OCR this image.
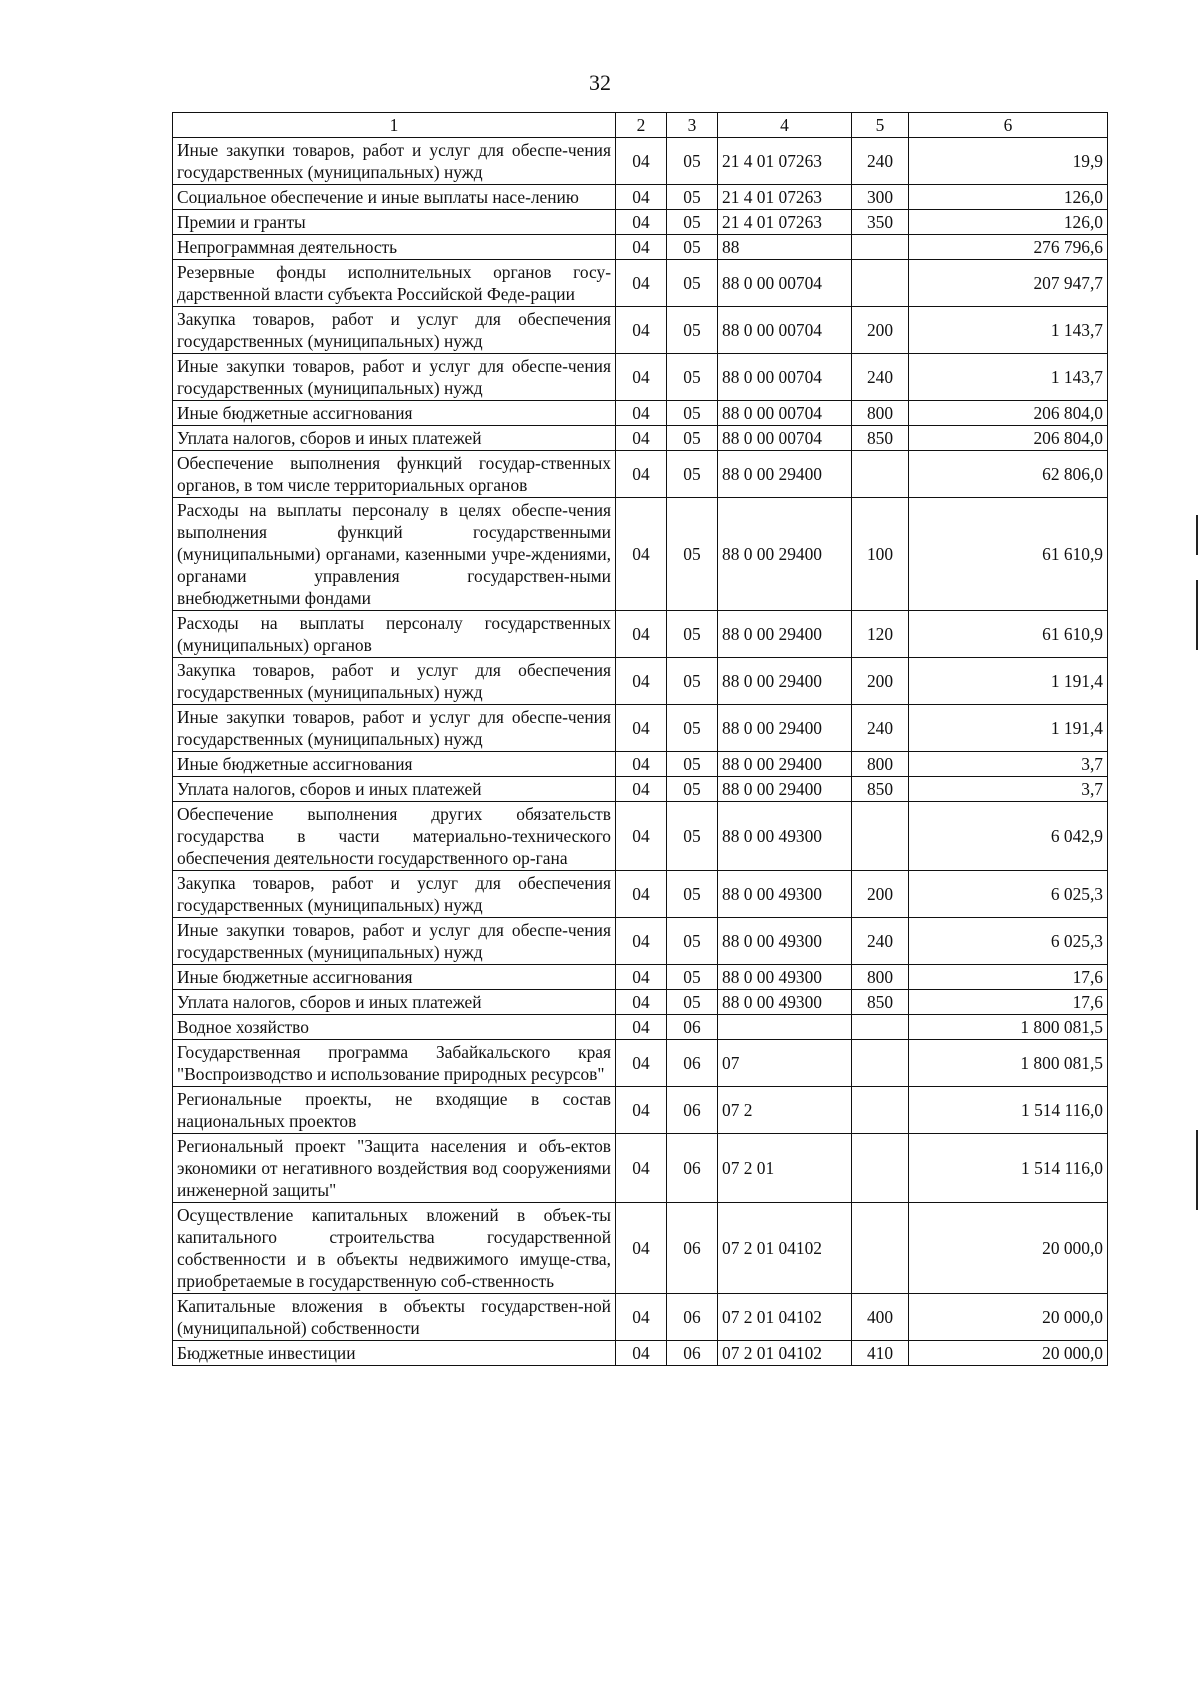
32
1	2	3	4	5	6
Иные закупки товаров, работ и услуг для обеспе-чения государственных (муниципальных) нужд	04	05	21 4 01 07263	240	19,9
Социальное обеспечение и иные выплаты насе-лению	04	05	21 4 01 07263	300	126,0
Премии и гранты	04	05	21 4 01 07263	350	126,0
Непрограммная деятельность	04	05	88		276 796,6
Резервные фонды исполнительных органов госу-дарственной власти субъекта Российской Феде-рации	04	05	88 0 00 00704		207 947,7
Закупка товаров, работ и услуг для обеспечения государственных (муниципальных) нужд	04	05	88 0 00 00704	200	1 143,7
Иные закупки товаров, работ и услуг для обеспе-чения государственных (муниципальных) нужд	04	05	88 0 00 00704	240	1 143,7
Иные бюджетные ассигнования	04	05	88 0 00 00704	800	206 804,0
Уплата налогов, сборов и иных платежей	04	05	88 0 00 00704	850	206 804,0
Обеспечение выполнения функций государ-ственных органов, в том числе территориальных органов	04	05	88 0 00 29400		62 806,0
Расходы на выплаты персоналу в целях обеспе-чения выполнения функций государственными (муниципальными) органами, казенными учре-ждениями, органами управления государствен-ными внебюджетными фондами	04	05	88 0 00 29400	100	61 610,9
Расходы на выплаты персоналу государственных (муниципальных) органов	04	05	88 0 00 29400	120	61 610,9
Закупка товаров, работ и услуг для обеспечения государственных (муниципальных) нужд	04	05	88 0 00 29400	200	1 191,4
Иные закупки товаров, работ и услуг для обеспе-чения государственных (муниципальных) нужд	04	05	88 0 00 29400	240	1 191,4
Иные бюджетные ассигнования	04	05	88 0 00 29400	800	3,7
Уплата налогов, сборов и иных платежей	04	05	88 0 00 29400	850	3,7
Обеспечение выполнения других обязательств государства в части материально-технического обеспечения деятельности государственного ор-гана	04	05	88 0 00 49300		6 042,9
Закупка товаров, работ и услуг для обеспечения государственных (муниципальных) нужд	04	05	88 0 00 49300	200	6 025,3
Иные закупки товаров, работ и услуг для обеспе-чения государственных (муниципальных) нужд	04	05	88 0 00 49300	240	6 025,3
Иные бюджетные ассигнования	04	05	88 0 00 49300	800	17,6
Уплата налогов, сборов и иных платежей	04	05	88 0 00 49300	850	17,6
Водное хозяйство	04	06			1 800 081,5
Государственная программа Забайкальского края "Воспроизводство и использование природных ресурсов"	04	06	07		1 800 081,5
Региональные проекты, не входящие в состав национальных проектов	04	06	07 2		1 514 116,0
Региональный проект "Защита населения и объ-ектов экономики от негативного воздействия вод сооружениями инженерной защиты"	04	06	07 2 01		1 514 116,0
Осуществление капитальных вложений в объек-ты капитального строительства государственной собственности и в объекты недвижимого имуще-ства, приобретаемые в государственную соб-ственность	04	06	07 2 01 04102		20 000,0
Капитальные вложения в объекты государствен-ной (муниципальной) собственности	04	06	07 2 01 04102	400	20 000,0
Бюджетные инвестиции	04	06	07 2 01 04102	410	20 000,0
